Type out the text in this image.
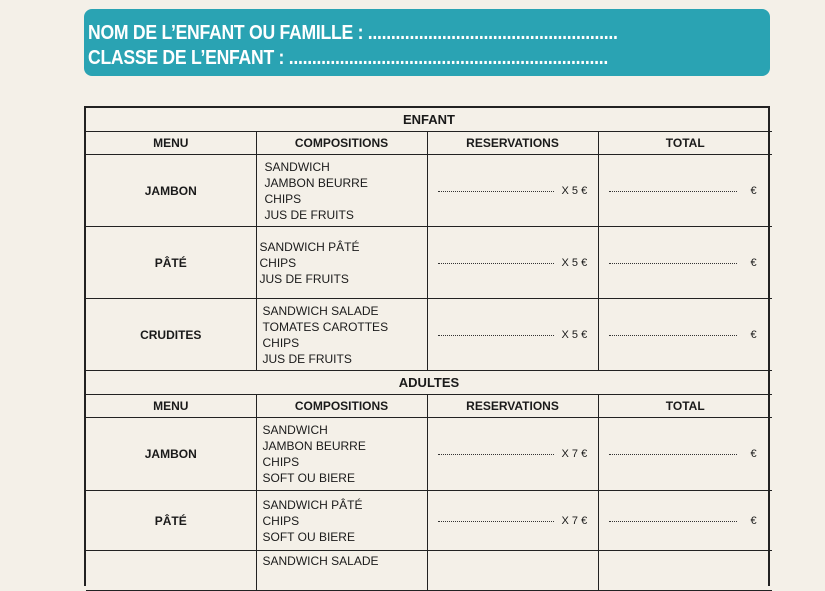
NOM DE L’ENFANT OU FAMILLE : ......................................................
CLASSE DE L’ENFANT : .....................................................................
ENFANT			
MENU	COMPOSITIONS	RESERVATIONS	TOTAL
JAMBON	SANDWICH
JAMBON BEURRE
CHIPS
JUS DE FRUITS	X 5 €	€

PÂTÉ	SANDWICH PÂTÉ
CHIPS
JUS DE FRUITS	X 5 €	€

CRUDITES	SANDWICH SALADE
TOMATES CAROTTES
CHIPS
JUS DE FRUITS	X 5 €	€

ADULTES			
MENU	COMPOSITIONS	RESERVATIONS	TOTAL
JAMBON	SANDWICH
JAMBON BEURRE
CHIPS
SOFT OU BIERE	X 7 €	€

PÂTÉ	SANDWICH PÂTÉ
CHIPS
SOFT OU BIERE	X 7 €	€

	SANDWICH SALADE		
